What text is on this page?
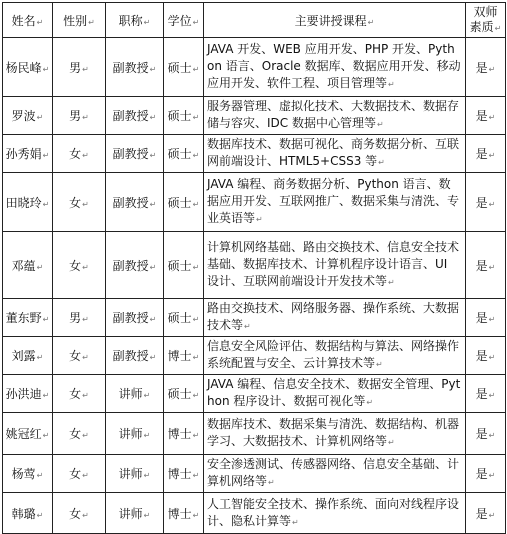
姓名↵	性别↵	职称↵	学位↵	主要讲授课程↵	双师
素质↵
杨民峰↵	男↵	副教授↵	硕士↵	JAVA 开发、WEB 应用开发、PHP 开发、Python 语言、Oracle 数据库、数据应用开发、移动应用开发、软件工程、项目管理等↵	是↵
罗波↵	男↵	副教授↵	硕士↵	服务器管理、虚拟化技术、大数据技术、数据存储与容灾、IDC 数据中心管理等↵	是↵
孙秀娟↵	女↵	副教授↵	硕士↵	数据库技术、数据可视化、商务数据分析、互联网前端设计、HTML5+CSS3 等↵	是↵
田晓玲↵	女↵	副教授↵	硕士↵	JAVA 编程、商务数据分析、Python 语言、数据应用开发、互联网推广、数据采集与清洗、专业英语等↵	是↵
邓蕴↵	女↵	副教授↵	硕士↵	计算机网络基础、路由交换技术、信息安全技术基础、数据库技术、计算机程序设计语言、UI 设计、互联网前端设计开发技术等↵	是↵
董东野↵	男↵	副教授↵	硕士↵	路由交换技术、网络服务器、操作系统、大数据技术等↵	是↵
刘露↵	女↵	副教授↵	博士↵	信息安全风险评估、数据结构与算法、网络操作系统配置与安全、云计算技术等↵	是↵
孙洪迪↵	女↵	讲师↵	硕士↵	JAVA 编程、信息安全技术、数据安全管理、Python 程序设计、数据可视化等↵	是↵
姚冠红↵	女↵	讲师↵	博士↵	数据库技术、数据采集与清洗、数据结构、机器学习、大数据技术、计算机网络等↵	是↵
杨莺↵	女↵	讲师↵	博士↵	安全渗透测试、传感器网络、信息安全基础、计算机网络等↵	是↵
韩璐↵	女↵	讲师↵	博士↵	人工智能安全技术、操作系统、面向对线程序设计、隐私计算等↵	是↵
